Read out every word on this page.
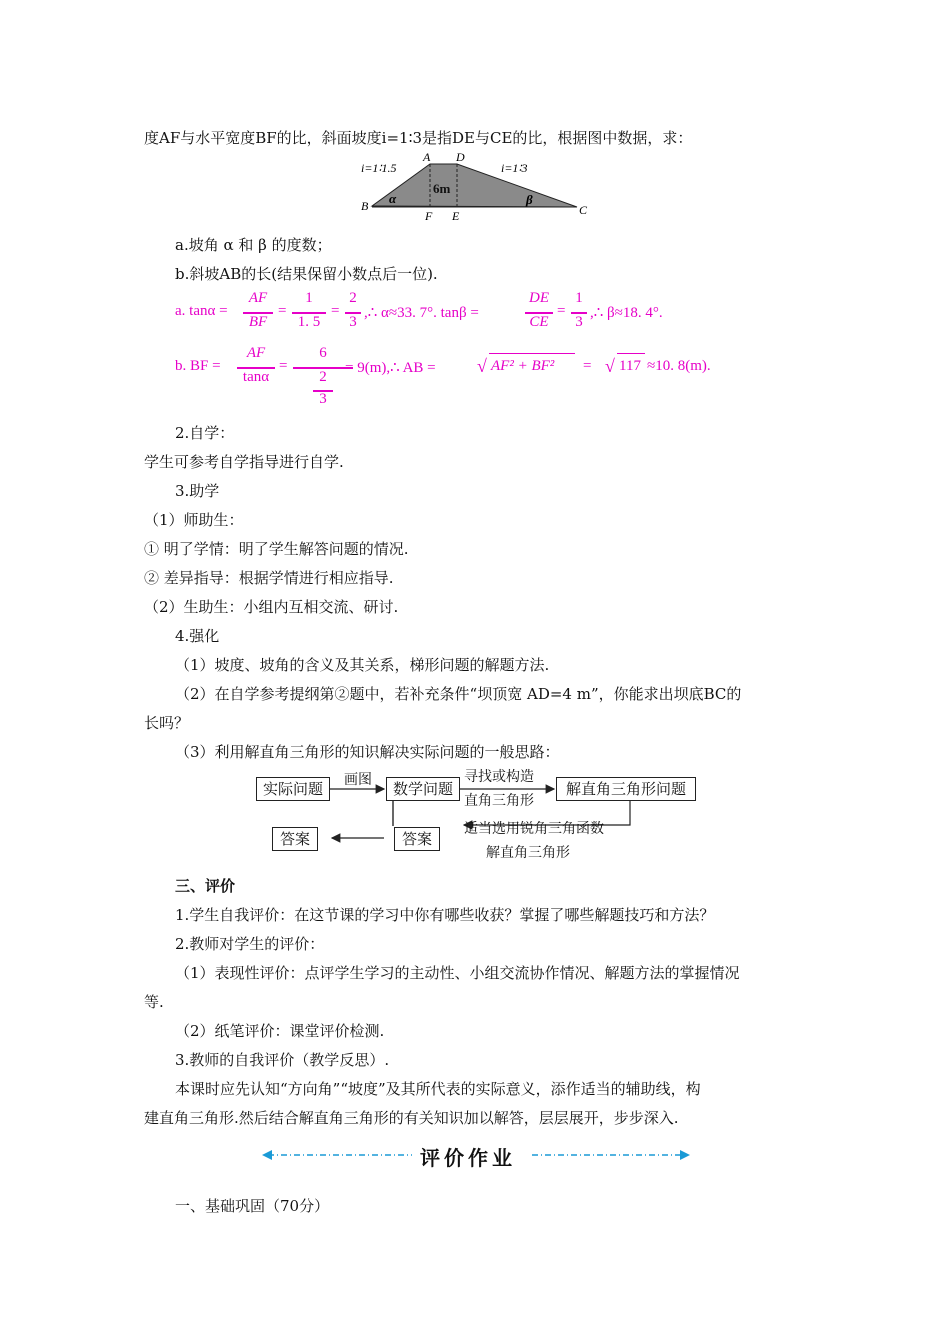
度AF与水平宽度BF的比，斜面坡度i=1∶3是指DE与CE的比，根据图中数据，求：
i=1∶1.5	i=1∶3
6m
A D
B	C
F E
α	β
a.坡角 α 和 β 的度数；
b.斜坡AB的长(结果保留小数点后一位).
a. tanα =
AF
BF
=
1
1. 5
=
2
3
,∴ α≈33. 7°. tanβ =
DE
CE
=
1
3
,∴ β≈18. 4°.
b. BF =
AF
tanα
=
6
2
3
= 9(m),∴ AB = √ AF² + BF² = √ 117 ≈10. 8(m).
2.自学：
学生可参考自学指导进行自学.
3.助学
（1）师助生：
① 明了学情：明了学生解答问题的情况.
② 差异指导：根据学情进行相应指导.
（2）生助生：小组内互相交流、研讨.
4.强化
（1）坡度、坡角的含义及其关系，梯形问题的解题方法.
（2）在自学参考提纲第②题中，若补充条件“坝顶宽 AD=4 m”，你能求出坝底BC的
长吗？
（3）利用解直角三角形的知识解决实际问题的一般思路：
实际问题	数学问题	解直角三角形问题
答案	答案
画图	寻找或构造
直角三角形
适当选用锐角三角函数
解直角三角形
三、评价
1.学生自我评价：在这节课的学习中你有哪些收获？掌握了哪些解题技巧和方法？
2.教师对学生的评价：
（1）表现性评价：点评学生学习的主动性、小组交流协作情况、解题方法的掌握情况
等.
（2）纸笔评价：课堂评价检测.
3.教师的自我评价（教学反思）.
本课时应先认知“方向角”“坡度”及其所代表的实际意义，添作适当的辅助线，构
建直角三角形.然后结合解直角三角形的有关知识加以解答，层层展开，步步深入.
评价作业
一、基础巩固（70分）
